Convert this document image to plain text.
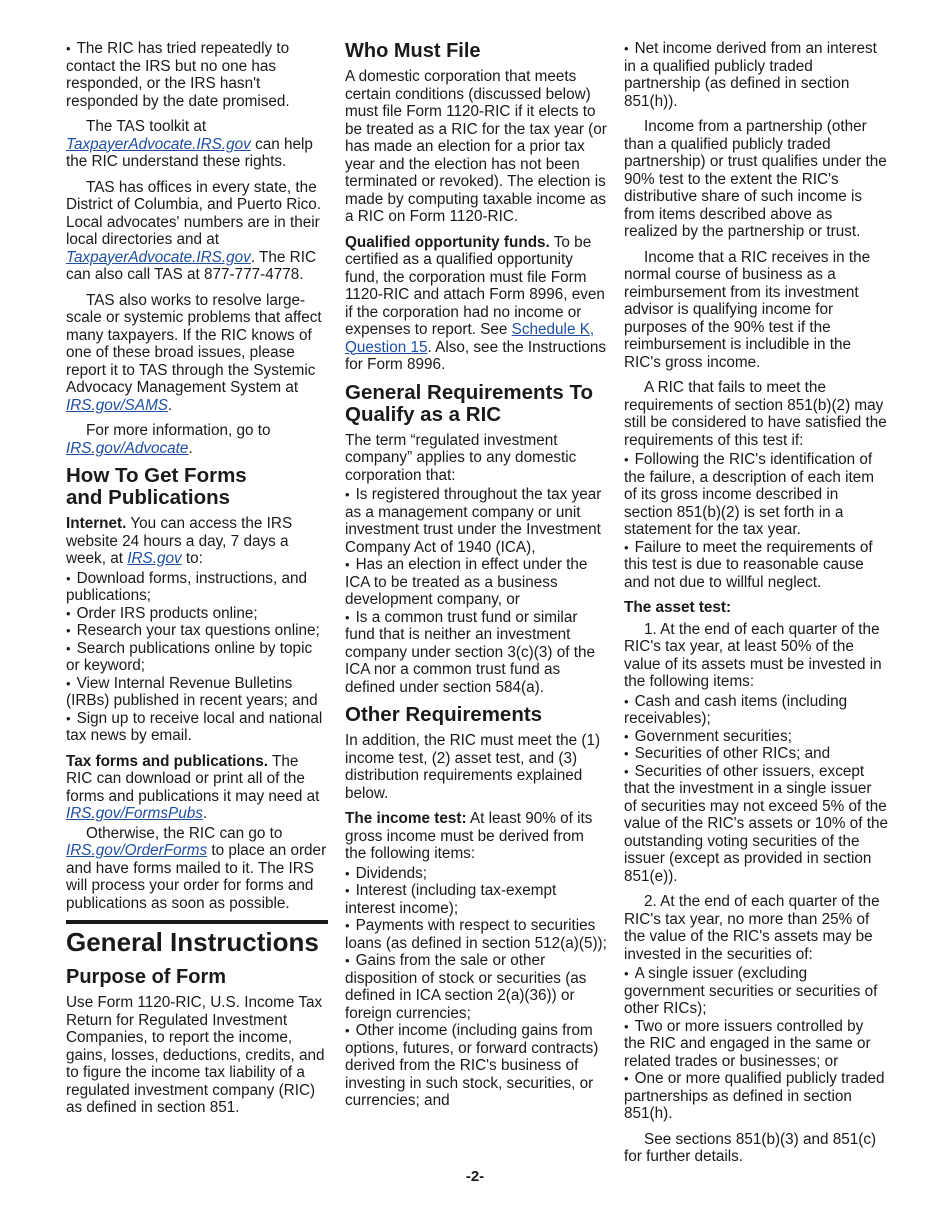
• The RIC has tried repeatedly to contact the IRS but no one has responded, or the IRS hasn't responded by the date promised.

The TAS toolkit at TaxpayerAdvocate.IRS.gov can help the RIC understand these rights.

TAS has offices in every state, the District of Columbia, and Puerto Rico. Local advocates' numbers are in their local directories and at TaxpayerAdvocate.IRS.gov. The RIC can also call TAS at 877-777-4778.

TAS also works to resolve large-scale or systemic problems that affect many taxpayers. If the RIC knows of one of these broad issues, please report it to TAS through the Systemic Advocacy Management System at
IRS.gov/SAMS.

For more information, go to
IRS.gov/Advocate.

How To Get Forms
and Publications

Internet. You can access the IRS website 24 hours a day, 7 days a week, at IRS.gov to:

• Download forms, instructions, and publications;
• Order IRS products online;
• Research your tax questions online;
• Search publications online by topic or keyword;
• View Internal Revenue Bulletins (IRBs) published in recent years; and
• Sign up to receive local and national tax news by email.

Tax forms and publications. The RIC can download or print all of the forms and publications it may need at IRS.gov/FormsPubs.

Otherwise, the RIC can go to IRS.gov/OrderForms to place an order and have forms mailed to it. The IRS will process your order for forms and publications as soon as possible.

General Instructions
Purpose of Form

Use Form 1120-RIC, U.S. Income Tax Return for Regulated Investment Companies, to report the income, gains, losses, deductions, credits, and to figure the income tax liability of a regulated investment company (RIC) as defined in section 851.

Who Must File

A domestic corporation that meets certain conditions (discussed below) must file Form 1120-RIC if it elects to be treated as a RIC for the tax year (or has made an election for a prior tax year and the election has not been terminated or revoked). The election is made by computing taxable income as a RIC on Form 1120-RIC.

Qualified opportunity funds. To be certified as a qualified opportunity fund, the corporation must file Form 1120-RIC and attach Form 8996, even if the corporation had no income or expenses to report. See Schedule K, Question 15. Also, see the Instructions for Form 8996.

General Requirements To
Qualify as a RIC

The term “regulated investment company” applies to any domestic corporation that:

• Is registered throughout the tax year as a management company or unit investment trust under the Investment Company Act of 1940 (ICA),
• Has an election in effect under the ICA to be treated as a business development company, or
• Is a common trust fund or similar fund that is neither an investment company under section 3(c)(3) of the ICA nor a common trust fund as defined under section 584(a).
Other Requirements

In addition, the RIC must meet the (1) income test, (2) asset test, and (3) distribution requirements explained below.

The income test: At least 90% of its gross income must be derived from the following items:

• Dividends;
• Interest (including tax-exempt interest income);
• Payments with respect to securities loans (as defined in section 512(a)(5));
• Gains from the sale or other disposition of stock or securities (as defined in ICA section 2(a)(36)) or foreign currencies;
• Other income (including gains from options, futures, or forward contracts) derived from the RIC's business of investing in such stock, securities, or currencies; and
• Net income derived from an interest in a qualified publicly traded partnership (as defined in section 851(h)).

Income from a partnership (other than a qualified publicly traded partnership) or trust qualifies under the 90% test to the extent the RIC's distributive share of such income is from items described above as realized by the partnership or trust.

Income that a RIC receives in the normal course of business as a reimbursement from its investment advisor is qualifying income for purposes of the 90% test if the reimbursement is includible in the RIC's gross income.

A RIC that fails to meet the requirements of section 851(b)(2) may still be considered to have satisfied the requirements of this test if:

• Following the RIC's identification of the failure, a description of each item of its gross income described in section 851(b)(2) is set forth in a statement for the tax year.
• Failure to meet the requirements of this test is due to reasonable cause and not due to willful neglect.
The asset test:

1. At the end of each quarter of the RIC's tax year, at least 50% of the value of its assets must be invested in the following items:

• Cash and cash items (including receivables);
• Government securities;
• Securities of other RICs; and
• Securities of other issuers, except that the investment in a single issuer of securities may not exceed 5% of the value of the RIC's assets or 10% of the outstanding voting securities of the issuer (except as provided in section 851(e)).

2. At the end of each quarter of the RIC's tax year, no more than 25% of the value of the RIC's assets may be invested in the securities of:

• A single issuer (excluding government securities or securities of other RICs);
• Two or more issuers controlled by the RIC and engaged in the same or related trades or businesses; or
• One or more qualified publicly traded partnerships as defined in section 851(h).

See sections 851(b)(3) and 851(c) for further details.

-2-
